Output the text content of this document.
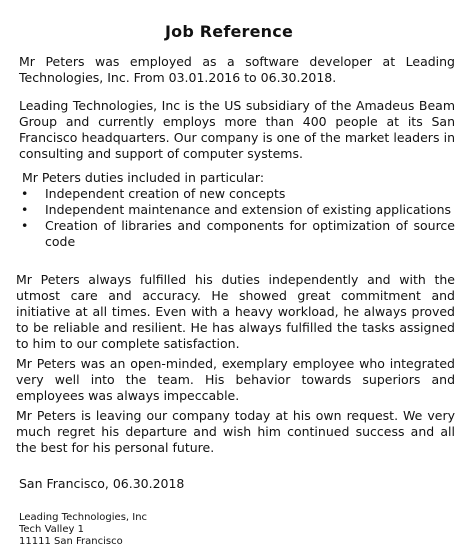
Job Reference

Mr Peters was employed as a software developer at Leading Technologies, Inc. From 03.01.2016 to 06.30.2018.

Leading Technologies, Inc is the US subsidiary of the Amadeus Beam Group and currently employs more than 400 people at its San Francisco headquarters. Our company is one of the market leaders in consulting and support of computer systems.

Mr Peters duties included in particular:
• Independent creation of new concepts
• Independent maintenance and extension of existing applications
• Creation of libraries and components for optimization of source code

Mr Peters always fulfilled his duties independently and with the utmost care and accuracy. He showed great commitment and initiative at all times. Even with a heavy workload, he always proved to be reliable and resilient. He has always fulfilled the tasks assigned to him to our complete satisfaction.

Mr Peters was an open-minded, exemplary employee who integrated very well into the team. His behavior towards superiors and employees was always impeccable.

Mr Peters is leaving our company today at his own request. We very much regret his departure and wish him continued success and all the best for his personal future.

San Francisco, 06.30.2018
Leading Technologies, Inc
Tech Valley 1
11111 San Francisco
